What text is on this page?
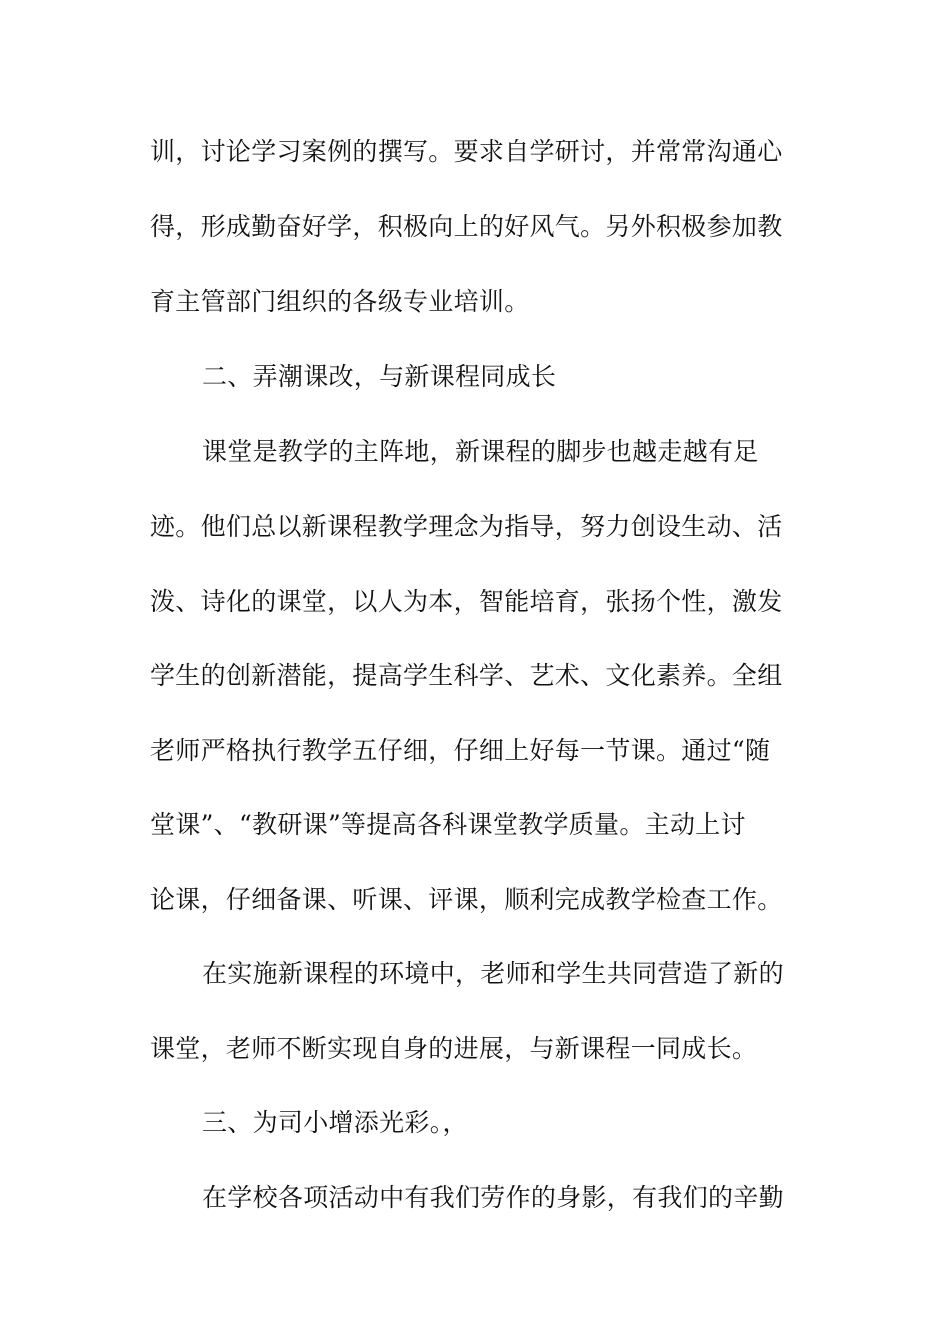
训，讨论学习案例的撰写。要求自学研讨，并常常沟通心
得，形成勤奋好学，积极向上的好风气。另外积极参加教
育主管部门组织的各级专业培训。
二、弄潮课改，与新课程同成长
课堂是教学的主阵地，新课程的脚步也越走越有足
迹。他们总以新课程教学理念为指导，努力创设生动、活
泼、诗化的课堂，以人为本，智能培育，张扬个性，激发
学生的创新潜能，提高学生科学、艺术、文化素养。全组
老师严格执行教学五仔细，仔细上好每一节课。通过“随
堂课”、“教研课”等提高各科课堂教学质量。主动上讨
论课，仔细备课、听课、评课，顺利完成教学检查工作。
在实施新课程的环境中，老师和学生共同营造了新的
课堂，老师不断实现自身的进展，与新课程一同成长。
三、为司小增添光彩。，
在学校各项活动中有我们劳作的身影，有我们的辛勤
